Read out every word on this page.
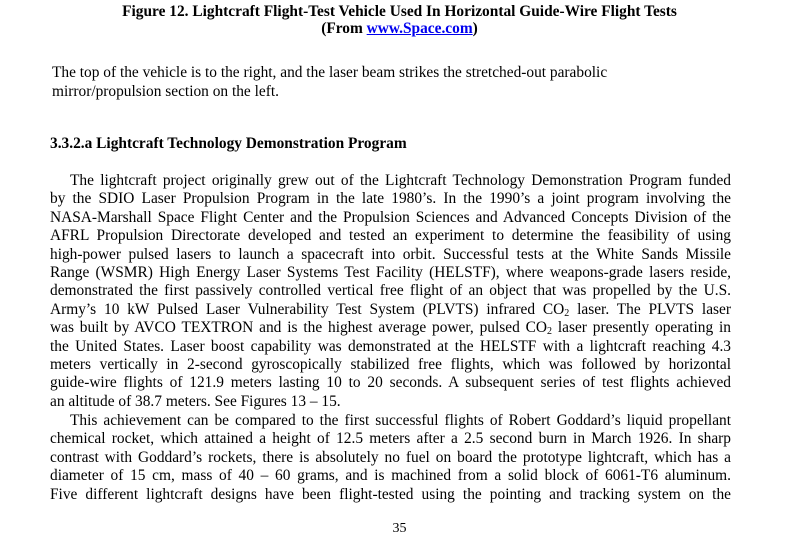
Figure 12. Lightcraft Flight-Test Vehicle Used In Horizontal Guide-Wire Flight Tests
(From www.Space.com)
The top of the vehicle is to the right, and the laser beam strikes the stretched-out parabolic
mirror/propulsion section on the left.
3.3.2.a Lightcraft Technology Demonstration Program
The lightcraft project originally grew out of the Lightcraft Technology Demonstration Program funded
by the SDIO Laser Propulsion Program in the late 1980’s. In the 1990’s a joint program involving the
NASA-Marshall Space Flight Center and the Propulsion Sciences and Advanced Concepts Division of the
AFRL Propulsion Directorate developed and tested an experiment to determine the feasibility of using
high-power pulsed lasers to launch a spacecraft into orbit. Successful tests at the White Sands Missile
Range (WSMR) High Energy Laser Systems Test Facility (HELSTF), where weapons-grade lasers reside,
demonstrated the first passively controlled vertical free flight of an object that was propelled by the U.S.
Army’s 10 kW Pulsed Laser Vulnerability Test System (PLVTS) infrared $CO_2$ laser. The PLVTS laser
was built by AVCO TEXTRON and is the highest average power, pulsed $CO_2$ laser presently operating in
the United States. Laser boost capability was demonstrated at the HELSTF with a lightcraft reaching 4.3
meters vertically in 2-second gyroscopically stabilized free flights, which was followed by horizontal
guide-wire flights of 121.9 meters lasting 10 to 20 seconds. A subsequent series of test flights achieved
an altitude of 38.7 meters. See Figures 13 – 15.
This achievement can be compared to the first successful flights of Robert Goddard’s liquid propellant
chemical rocket, which attained a height of 12.5 meters after a 2.5 second burn in March 1926. In sharp
contrast with Goddard’s rockets, there is absolutely no fuel on board the prototype lightcraft, which has a
diameter of 15 cm, mass of 40 – 60 grams, and is machined from a solid block of 6061-T6 aluminum.
Five different lightcraft designs have been flight-tested using the pointing and tracking system on the
35
